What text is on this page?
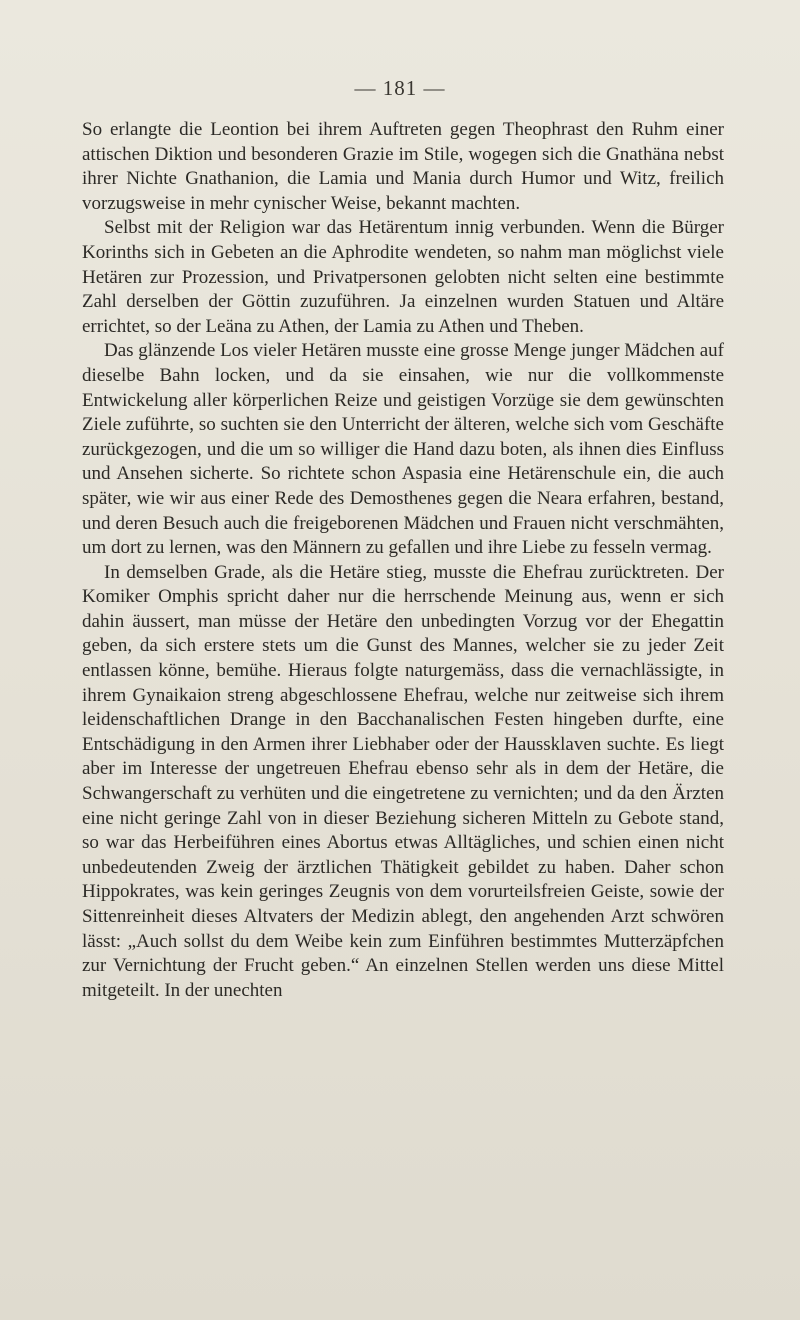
— 181 —

So erlangte die Leontion bei ihrem Auftreten gegen Theophrast den Ruhm einer attischen Diktion und besonderen Grazie im Stile, wogegen sich die Gnathäna nebst ihrer Nichte Gnathanion, die Lamia und Mania durch Humor und Witz, freilich vorzugsweise in mehr cynischer Weise, bekannt machten.

Selbst mit der Religion war das Hetärentum innig verbunden. Wenn die Bürger Korinths sich in Gebeten an die Aphrodite wendeten, so nahm man möglichst viele Hetären zur Prozession, und Privatpersonen gelobten nicht selten eine bestimmte Zahl derselben der Göttin zuzuführen. Ja einzelnen wurden Statuen und Altäre errichtet, so der Leäna zu Athen, der Lamia zu Athen und Theben.

Das glänzende Los vieler Hetären musste eine grosse Menge junger Mädchen auf dieselbe Bahn locken, und da sie einsahen, wie nur die vollkommenste Entwickelung aller körperlichen Reize und geistigen Vorzüge sie dem gewünschten Ziele zuführte, so suchten sie den Unterricht der älteren, welche sich vom Geschäfte zurückgezogen, und die um so williger die Hand dazu boten, als ihnen dies Einfluss und Ansehen sicherte. So richtete schon Aspasia eine Hetärenschule ein, die auch später, wie wir aus einer Rede des Demosthenes gegen die Neara erfahren, bestand, und deren Besuch auch die freigeborenen Mädchen und Frauen nicht verschmähten, um dort zu lernen, was den Männern zu gefallen und ihre Liebe zu fesseln vermag.

In demselben Grade, als die Hetäre stieg, musste die Ehefrau zurücktreten. Der Komiker Omphis spricht daher nur die herrschende Meinung aus, wenn er sich dahin äussert, man müsse der Hetäre den unbedingten Vorzug vor der Ehegattin geben, da sich erstere stets um die Gunst des Mannes, welcher sie zu jeder Zeit entlassen könne, bemühe. Hieraus folgte naturgemäss, dass die vernachlässigte, in ihrem Gynaikaion streng abgeschlossene Ehefrau, welche nur zeitweise sich ihrem leidenschaftlichen Drange in den Bacchanalischen Festen hingeben durfte, eine Entschädigung in den Armen ihrer Liebhaber oder der Haussklaven suchte. Es liegt aber im Interesse der ungetreuen Ehefrau ebenso sehr als in dem der Hetäre, die Schwangerschaft zu verhüten und die eingetretene zu vernichten; und da den Ärzten eine nicht geringe Zahl von in dieser Beziehung sicheren Mitteln zu Gebote stand, so war das Herbeiführen eines Abortus etwas Alltägliches, und schien einen nicht unbedeutenden Zweig der ärztlichen Thätigkeit gebildet zu haben. Daher schon Hippokrates, was kein geringes Zeugnis von dem vorurteilsfreien Geiste, sowie der Sittenreinheit dieses Altvaters der Medizin ablegt, den angehenden Arzt schwören lässt: „Auch sollst du dem Weibe kein zum Einführen bestimmtes Mutterzäpfchen zur Vernichtung der Frucht geben.“ An einzelnen Stellen werden uns diese Mittel mitgeteilt. In der unechten
